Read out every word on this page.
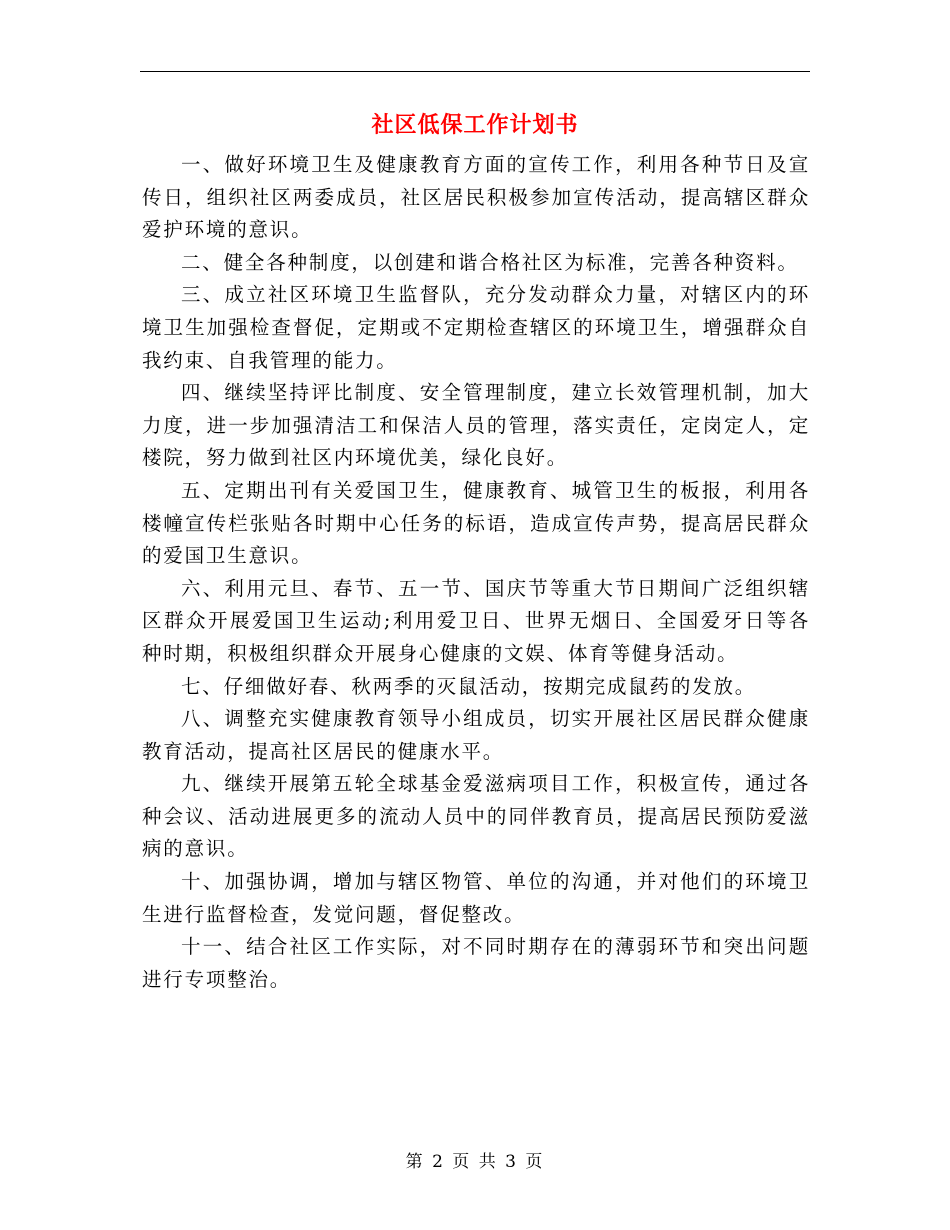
社区低保工作计划书

一、做好环境卫生及健康教育方面的宣传工作，利用各种节日及宣传日，组织社区两委成员，社区居民积极参加宣传活动，提高辖区群众爱护环境的意识。

二、健全各种制度，以创建和谐合格社区为标准，完善各种资料。

三、成立社区环境卫生监督队，充分发动群众力量，对辖区内的环境卫生加强检查督促，定期或不定期检查辖区的环境卫生，增强群众自我约束、自我管理的能力。

四、继续坚持评比制度、安全管理制度，建立长效管理机制，加大力度，进一步加强清洁工和保洁人员的管理，落实责任，定岗定人，定楼院，努力做到社区内环境优美，绿化良好。

五、定期出刊有关爱国卫生，健康教育、城管卫生的板报，利用各楼幢宣传栏张贴各时期中心任务的标语，造成宣传声势，提高居民群众的爱国卫生意识。

六、利用元旦、春节、五一节、国庆节等重大节日期间广泛组织辖区群众开展爱国卫生运动;利用爱卫日、世界无烟日、全国爱牙日等各种时期，积极组织群众开展身心健康的文娱、体育等健身活动。

七、仔细做好春、秋两季的灭鼠活动，按期完成鼠药的发放。

八、调整充实健康教育领导小组成员，切实开展社区居民群众健康教育活动，提高社区居民的健康水平。

九、继续开展第五轮全球基金爱滋病项目工作，积极宣传，通过各种会议、活动进展更多的流动人员中的同伴教育员，提高居民预防爱滋病的意识。

十、加强协调，增加与辖区物管、单位的沟通，并对他们的环境卫生进行监督检查，发觉问题，督促整改。

十一、结合社区工作实际，对不同时期存在的薄弱环节和突出问题进行专项整治。

第 2 页 共 3 页
